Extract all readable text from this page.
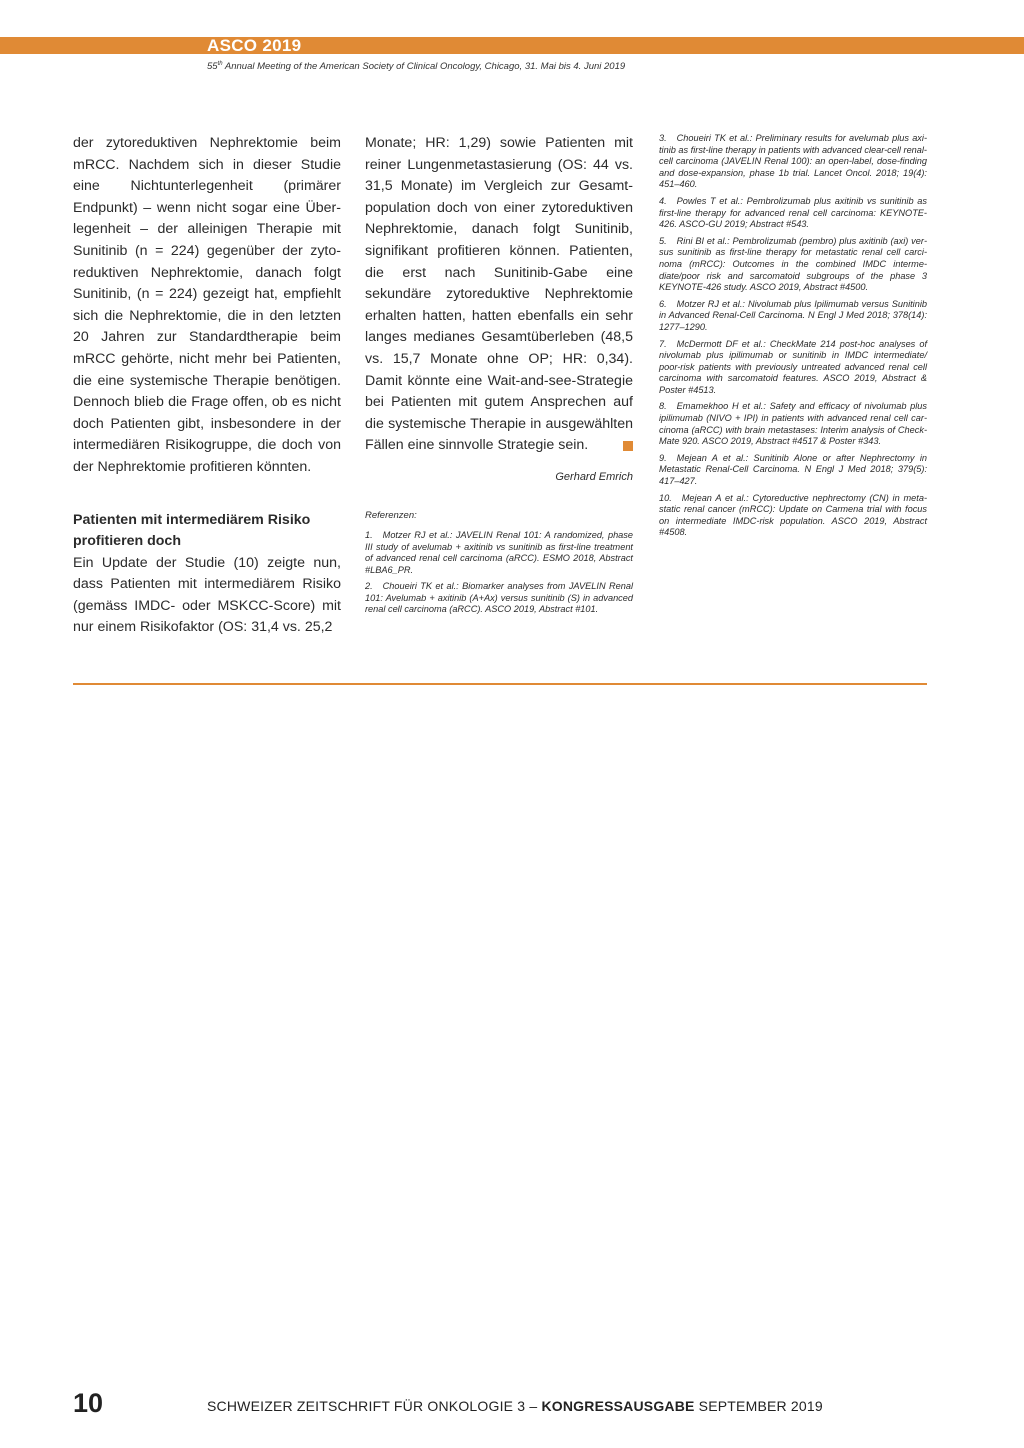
ASCO 2019
55th Annual Meeting of the American Society of Clinical Oncology, Chicago, 31. Mai bis 4. Juni 2019

der zytoreduktiven Nephrektomie beim mRCC. Nachdem sich in dieser Studie eine Nichtunterlegenheit (primärer Endpunkt) – wenn nicht sogar eine Überlegenheit – der alleinigen Therapie mit Sunitinib (n = 224) gegenüber der zytoreduktiven Nephrektomie, danach folgt Sunitinib, (n = 224) gezeigt hat, empfiehlt sich die Nephrektomie, die in den letzten 20 Jahren zur Standardtherapie beim mRCC gehörte, nicht mehr bei Patienten, die eine systemische Therapie benötigen. Dennoch blieb die Frage offen, ob es nicht doch Patienten gibt, insbesondere in der intermediären Risikogruppe, die doch von der Nephrektomie profitieren könnten.

Patienten mit intermediärem Risiko profitieren doch

Ein Update der Studie (10) zeigte nun, dass Patienten mit intermediärem Risiko (gemäss IMDC- oder MSKCC-Score) mit nur einem Risikofaktor (OS: 31,4 vs. 25,2

Monate; HR: 1,29) sowie Patienten mit reiner Lungenmetastasierung (OS: 44 vs. 31,5 Monate) im Vergleich zur Gesamtpopulation doch von einer zytoreduktiven Nephrektomie, danach folgt Sunitinib, signifikant profitieren können. Patienten, die erst nach Sunitinib-Gabe eine sekundäre zytoreduktive Nephrektomie erhalten hatten, hatten ebenfalls ein sehr langes medianes Gesamtüberleben (48,5 vs. 15,7 Monate ohne OP; HR: 0,34). Damit könnte eine Wait-and-see-Strategie bei Patienten mit gutem Ansprechen auf die systemische Therapie in ausgewählten Fällen eine sinnvolle Strategie sein.

Gerhard Emrich
Referenzen:

1. Motzer RJ et al.: JAVELIN Renal 101: A randomized, phase III study of avelumab + axitinib vs sunitinib as first-line treatment of advanced renal cell carcinoma (aRCC). ESMO 2018, Abstract #LBA6_PR.

2. Choueiri TK et al.: Biomarker analyses from JAVELIN Renal 101: Avelumab + axitinib (A+Ax) versus sunitinib (S) in advanced renal cell carcinoma (aRCC). ASCO 2019, Abstract #101.

3. Choueiri TK et al.: Preliminary results for avelumab plus axitinib as first-line therapy in patients with advanced clear-cell renal-cell carcinoma (JAVELIN Renal 100): an open-label, dose-finding and dose-expansion, phase 1b trial. Lancet Oncol. 2018; 19(4): 451–460.

4. Powles T et al.: Pembrolizumab plus axitinib vs sunitinib as first-line therapy for advanced renal cell carcinoma: KEYNOTE-426. ASCO-GU 2019; Abstract #543.

5. Rini BI et al.: Pembrolizumab (pembro) plus axitinib (axi) versus sunitinib as first-line therapy for metastatic renal cell carcinoma (mRCC): Outcomes in the combined IMDC intermediate/poor risk and sarcomatoid subgroups of the phase 3 KEYNOTE-426 study. ASCO 2019, Abstract #4500.

6. Motzer RJ et al.: Nivolumab plus Ipilimumab versus Sunitinib in Advanced Renal-Cell Carcinoma. N Engl J Med 2018; 378(14): 1277–1290.

7. McDermott DF et al.: CheckMate 214 post-hoc analyses of nivolumab plus ipilimumab or sunitinib in IMDC intermediate/ poor-risk patients with previously untreated advanced renal cell carcinoma with sarcomatoid features. ASCO 2019, Abstract & Poster #4513.

8. Emamekhoo H et al.: Safety and efficacy of nivolumab plus ipilimumab (NIVO + IPI) in patients with advanced renal cell carcinoma (aRCC) with brain metastases: Interim analysis of CheckMate 920. ASCO 2019, Abstract #4517 & Poster #343.

9. Mejean A et al.: Sunitinib Alone or after Nephrectomy in Metastatic Renal-Cell Carcinoma. N Engl J Med 2018; 379(5): 417–427.

10. Mejean A et al.: Cytoreductive nephrectomy (CN) in metastatic renal cancer (mRCC): Update on Carmena trial with focus on intermediate IMDC-risk population. ASCO 2019, Abstract #4508.

10	SCHWEIZER ZEITSCHRIFT FÜR ONKOLOGIE 3 – KONGRESSAUSGABE SEPTEMBER 2019
